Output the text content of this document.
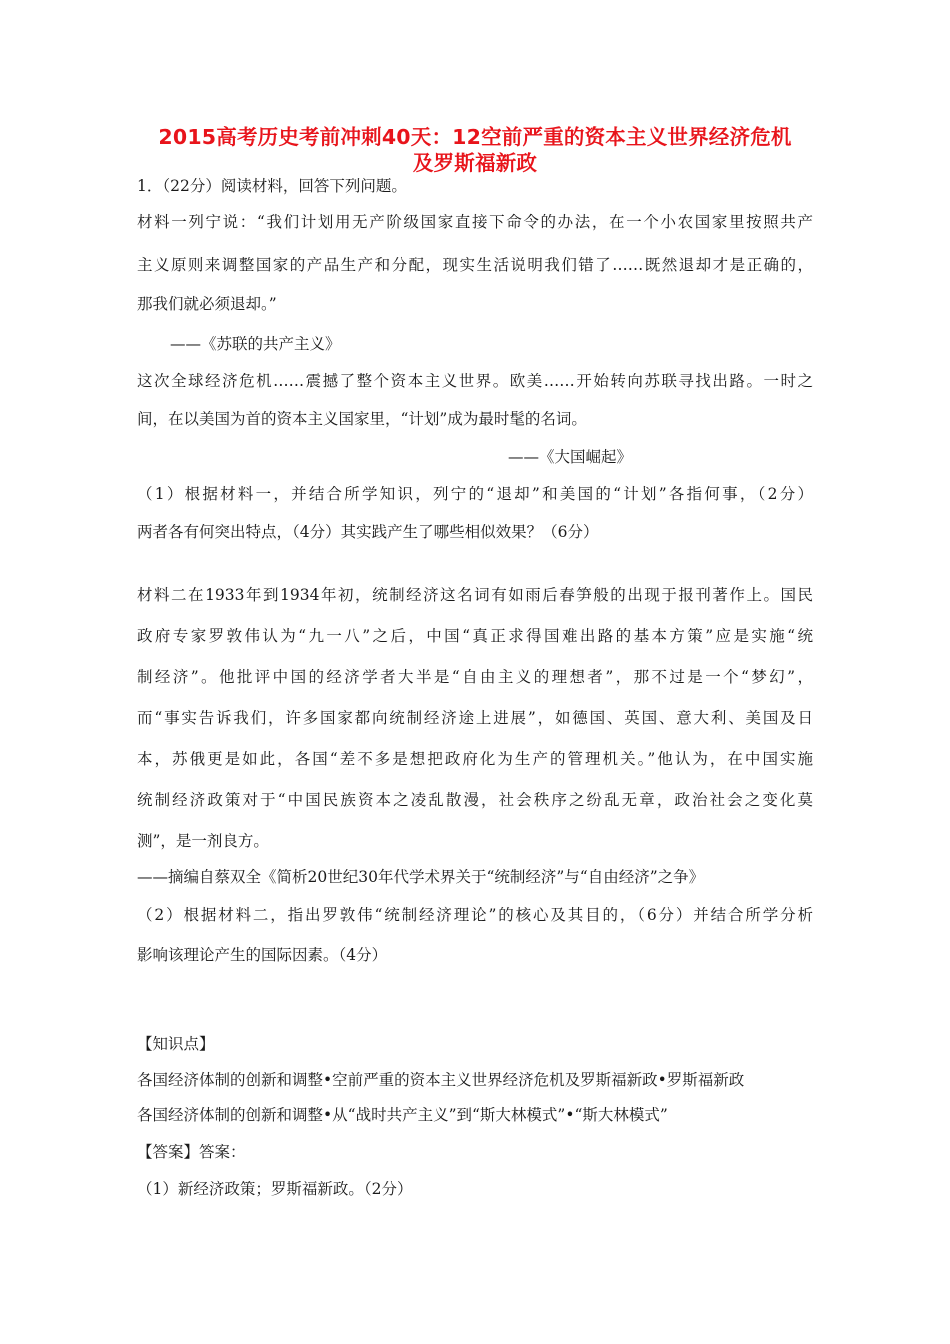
2015高考历史考前冲刺40天：12空前严重的资本主义世界经济危机
及罗斯福新政
1．（22分）阅读材料，回答下列问题。
材料一列宁说：“我们计划用无产阶级国家直接下命令的办法，在一个小农国家里按照共产
主义原则来调整国家的产品生产和分配，现实生活说明我们错了……既然退却才是正确的，
那我们就必须退却。”
——《苏联的共产主义》
这次全球经济危机……震撼了整个资本主义世界。欧美……开始转向苏联寻找出路。一时之
间，在以美国为首的资本主义国家里，“计划”成为最时髦的名词。
——《大国崛起》
（1）根据材料一，并结合所学知识，列宁的“退却”和美国的“计划”各指何事，（2分）
两者各有何突出特点，（4分）其实践产生了哪些相似效果？（6分）
材料二在1933年到1934年初，统制经济这名词有如雨后春笋般的出现于报刊著作上。国民
政府专家罗敦伟认为“九一八”之后，中国“真正求得国难出路的基本方策”应是实施“统
制经济”。他批评中国的经济学者大半是“自由主义的理想者”，那不过是一个“梦幻”，
而“事实告诉我们，许多国家都向统制经济途上进展”，如德国、英国、意大利、美国及日
本，苏俄更是如此，各国“差不多是想把政府化为生产的管理机关。”他认为，在中国实施
统制经济政策对于“中国民族资本之凌乱散漫，社会秩序之纷乱无章，政治社会之变化莫
测”，是一剂良方。
——摘编自蔡双全《简析20世纪30年代学术界关于“统制经济”与“自由经济”之争》
（2）根据材料二，指出罗敦伟“统制经济理论”的核心及其目的，（6分）并结合所学分析
影响该理论产生的国际因素。（4分）
【知识点】
各国经济体制的创新和调整•空前严重的资本主义世界经济危机及罗斯福新政•罗斯福新政
各国经济体制的创新和调整•从“战时共产主义”到“斯大林模式”•“斯大林模式”
【答案】答案：
（1）新经济政策；罗斯福新政。（2分）
